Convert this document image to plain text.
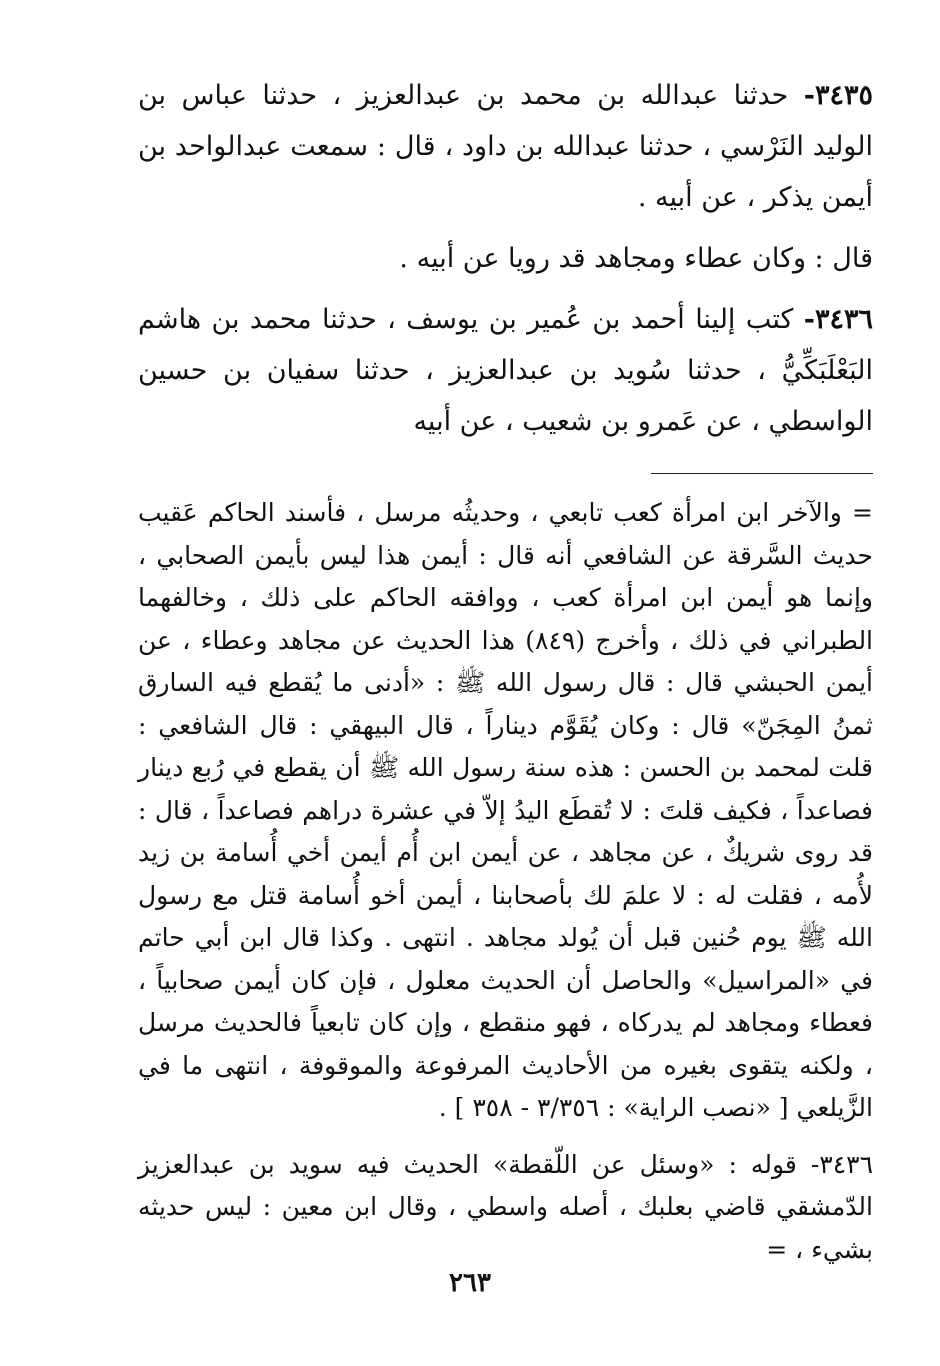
٣٤٣٥- حدثنا عبدالله بن محمد بن عبدالعزيز ، حدثنا عباس بن الوليد النَرْسي ، حدثنا عبدالله بن داود ، قال : سمعت عبدالواحد بن أيمن يذكر ، عن أبيه .

قال : وكان عطاء ومجاهد قد رويا عن أبيه .

٣٤٣٦- كتب إلينا أحمد بن عُمير بن يوسف ، حدثنا محمد بن هاشم البَعْلَبَكِّيُّ ، حدثنا سُويد بن عبدالعزيز ، حدثنا سفيان بن حسين الواسطي ، عن عَمرو بن شعيب ، عن أبيه

= والآخر ابن امرأة كعب تابعي ، وحديثُه مرسل ، فأسند الحاكم عَقيب حديث السَّرقة عن الشافعي أنه قال : أيمن هذا ليس بأيمن الصحابي ، وإنما هو أيمن ابن امرأة كعب ، ووافقه الحاكم على ذلك ، وخالفهما الطبراني في ذلك ، وأخرج (٨٤٩) هذا الحديث عن مجاهد وعطاء ، عن أيمن الحبشي قال : قال رسول الله ﷺ : «أدنى ما يُقطع فيه السارق ثمنُ المِجَنّ» قال : وكان يُقَوَّم ديناراً ، قال البيهقي : قال الشافعي : قلت لمحمد بن الحسن : هذه سنة رسول الله ﷺ أن يقطع في رُبع دينار فصاعداً ، فكيف قلتَ : لا تُقطَع اليدُ إلاّ في عشرة دراهم فصاعداً ، قال : قد روى شريكٌ ، عن مجاهد ، عن أيمن ابن أُم أيمن أخي أُسامة بن زيد لأُمه ، فقلت له : لا علمَ لك بأصحابنا ، أيمن أخو أُسامة قتل مع رسول الله ﷺ يوم حُنين قبل أن يُولد مجاهد . انتهى . وكذا قال ابن أبي حاتم في «المراسيل» والحاصل أن الحديث معلول ، فإن كان أيمن صحابياً ، فعطاء ومجاهد لم يدركاه ، فهو منقطع ، وإن كان تابعياً فالحديث مرسل ، ولكنه يتقوى بغيره من الأحاديث المرفوعة والموقوفة ، انتهى ما في الزَّيلعي [ «نصب الراية» : ٣/٣٥٦ - ٣٥٨ ] .

٣٤٣٦- قوله : «وسئل عن اللّقطة» الحديث فيه سويد بن عبدالعزيز الدّمشقي قاضي بعلبك ، أصله واسطي ، وقال ابن معين : ليس حديثه بشيء ، =

٢٦٣
